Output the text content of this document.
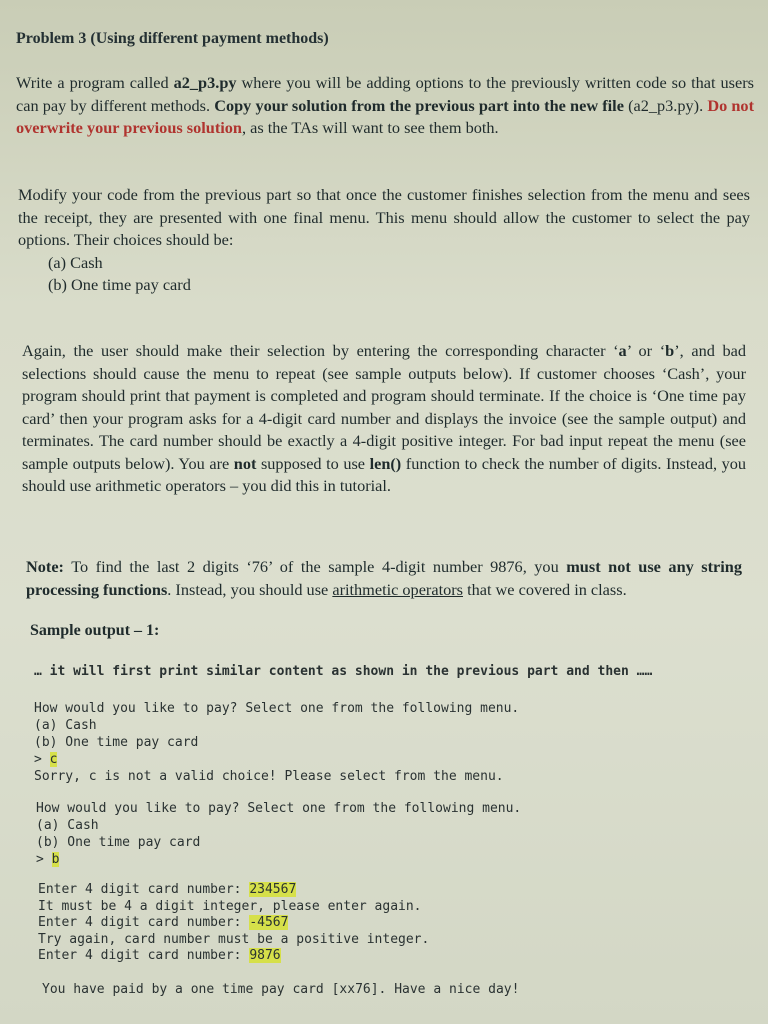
Problem 3 (Using different payment methods)
Write a program called a2_p3.py where you will be adding options to the previously written code so that users can pay by different methods. Copy your solution from the previous part into the new file (a2_p3.py). Do not overwrite your previous solution, as the TAs will want to see them both.
Modify your code from the previous part so that once the customer finishes selection from the menu and sees the receipt, they are presented with one final menu. This menu should allow the customer to select the pay options. Their choices should be:
(a) Cash
(b) One time pay card
Again, the user should make their selection by entering the corresponding character ‘a’ or ‘b’, and bad selections should cause the menu to repeat (see sample outputs below). If customer chooses ‘Cash’, your program should print that payment is completed and program should terminate. If the choice is ‘One time pay card’ then your program asks for a 4-digit card number and displays the invoice (see the sample output) and terminates. The card number should be exactly a 4-digit positive integer. For bad input repeat the menu (see sample outputs below). You are not supposed to use len() function to check the number of digits. Instead, you should use arithmetic operators – you did this in tutorial.
Note: To find the last 2 digits ‘76’ of the sample 4-digit number 9876, you must not use any string processing functions. Instead, you should use arithmetic operators that we covered in class.
Sample output – 1:
… it will first print similar content as shown in the previous part and then ……
How would you like to pay? Select one from the following menu.
(a) Cash
(b) One time pay card
> c
Sorry, c is not a valid choice! Please select from the menu.
How would you like to pay? Select one from the following menu.
(a) Cash
(b) One time pay card
> b
Enter 4 digit card number: 234567
It must be 4 a digit integer, please enter again.
Enter 4 digit card number: -4567
Try again, card number must be a positive integer.
Enter 4 digit card number: 9876
You have paid by a one time pay card [xx76]. Have a nice day!
